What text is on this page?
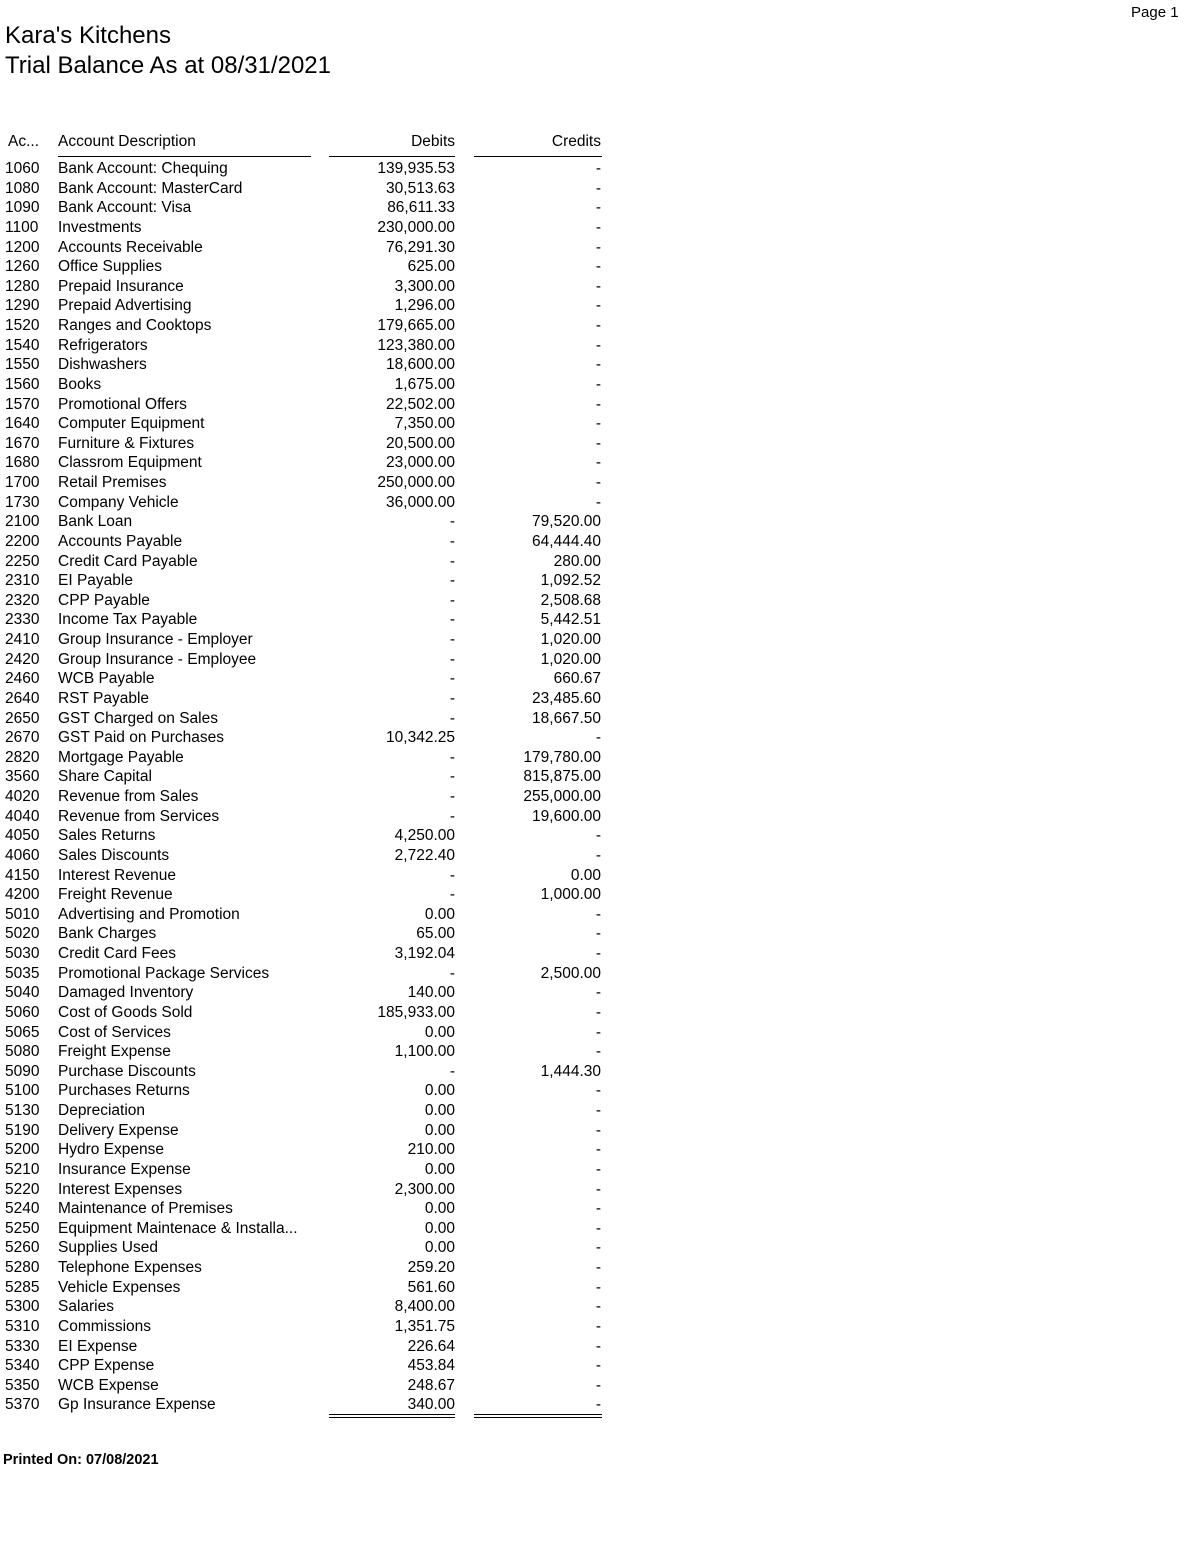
Page 1
Kara's Kitchens
Trial Balance As at 08/31/2021
Ac... Account Description	Debits	Credits
1060 Bank Account: Chequing	139,935.53	-
1080 Bank Account: MasterCard	30,513.63	-
1090 Bank Account: Visa	86,611.33	-
1100 Investments	230,000.00	-
1200 Accounts Receivable	76,291.30	-
1260 Office Supplies	625.00	-
1280 Prepaid Insurance	3,300.00	-
1290 Prepaid Advertising	1,296.00	-
1520 Ranges and Cooktops	179,665.00	-
1540 Refrigerators	123,380.00	-
1550 Dishwashers	18,600.00	-
1560 Books	1,675.00	-
1570 Promotional Offers	22,502.00	-
1640 Computer Equipment	7,350.00	-
1670 Furniture & Fixtures	20,500.00	-
1680 Classrom Equipment	23,000.00	-
1700 Retail Premises	250,000.00	-
1730 Company Vehicle	36,000.00	-
2100 Bank Loan	-	79,520.00
2200 Accounts Payable	-	64,444.40
2250 Credit Card Payable	-	280.00
2310 EI Payable	-	1,092.52
2320 CPP Payable	-	2,508.68
2330 Income Tax Payable	-	5,442.51
2410 Group Insurance - Employer	-	1,020.00
2420 Group Insurance - Employee	-	1,020.00
2460 WCB Payable	-	660.67
2640 RST Payable	-	23,485.60
2650 GST Charged on Sales	-	18,667.50
2670 GST Paid on Purchases	10,342.25	-
2820 Mortgage Payable	-	179,780.00
3560 Share Capital	-	815,875.00
4020 Revenue from Sales	-	255,000.00
4040 Revenue from Services	-	19,600.00
4050 Sales Returns	4,250.00	-
4060 Sales Discounts	2,722.40	-
4150 Interest Revenue	-	0.00
4200 Freight Revenue	-	1,000.00
5010 Advertising and Promotion	0.00	-
5020 Bank Charges	65.00	-
5030 Credit Card Fees	3,192.04	-
5035 Promotional Package Services	-	2,500.00
5040 Damaged Inventory	140.00	-
5060 Cost of Goods Sold	185,933.00	-
5065 Cost of Services	0.00	-
5080 Freight Expense	1,100.00	-
5090 Purchase Discounts	-	1,444.30
5100 Purchases Returns	0.00	-
5130 Depreciation	0.00	-
5190 Delivery Expense	0.00	-
5200 Hydro Expense	210.00	-
5210 Insurance Expense	0.00	-
5220 Interest Expenses	2,300.00	-
5240 Maintenance of Premises	0.00	-
5250 Equipment Maintenace & Installa...	0.00	-
5260 Supplies Used	0.00	-
5280 Telephone Expenses	259.20	-
5285 Vehicle Expenses	561.60	-
5300 Salaries	8,400.00	-
5310 Commissions	1,351.75	-
5330 EI Expense	226.64	-
5340 CPP Expense	453.84	-
5350 WCB Expense	248.67	-
5370 Gp Insurance Expense	340.00	-
Printed On: 07/08/2021
